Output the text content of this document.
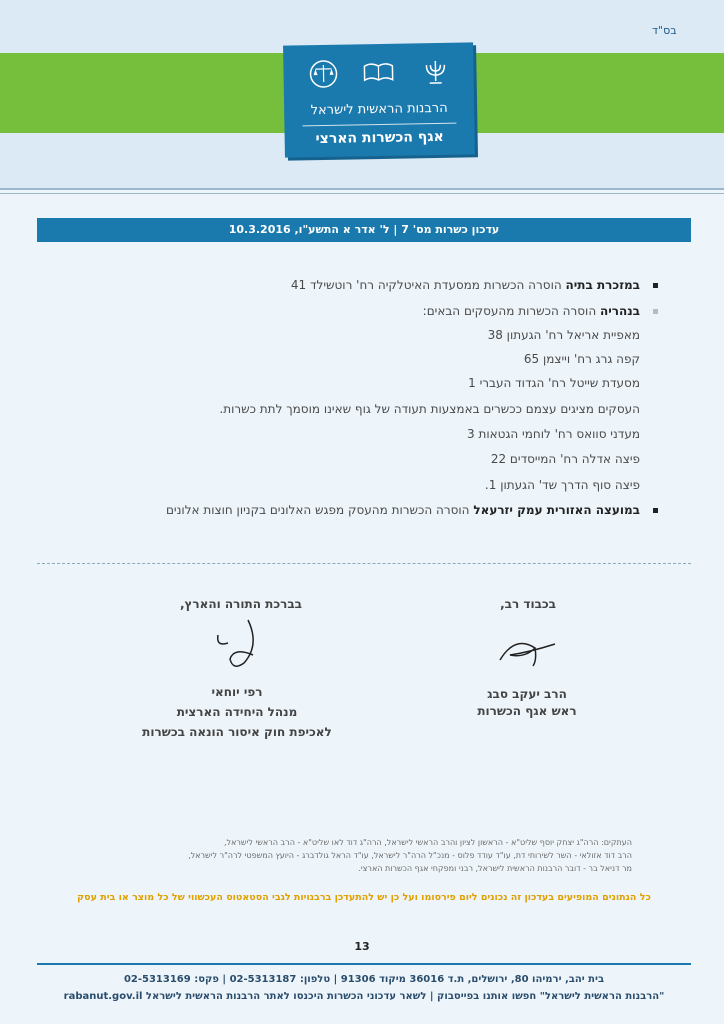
בס"ד
הרבנות הראשית לישראל
אגף הכשרות הארצי
עדכון כשרות מס' 7 | ל' אדר א התשע"ו, 10.3.2016
במזכרת בתיה הוסרה הכשרות ממסעדת האיטלקיה רח' רוטשילד 41
בנהריה הוסרה הכשרות מהעסקים הבאים:
מאפיית אריאל רח' הגעתון 38
קפה גרג רח' וייצמן 65
מסעדת שייטל רח' הגדוד העברי 1
העסקים מציגים עצמם ככשרים באמצעות תעודה של גוף שאינו מוסמך לתת כשרות.
מעדני סוואס רח' לוחמי הגטאות 3
פיצה אדלה רח' המייסדים 22
פיצה סוף הדרך שד' הגעתון 1.
במועצה האזורית עמק יזרעאל הוסרה הכשרות מהעסק מפגש האלונים בקניון חוצות אלונים
בכבוד רב,
בברכת התורה והארץ,
הרב יעקב סבג
ראש אגף הכשרות
רפי יוחאי
מנהל היחידה הארצית
לאכיפת חוק איסור הונאה בכשרות
העתקים: הרה"ג יצחק יוסף שליט"א - הראשון לציון והרב הראשי לישראל, הרה"ג דוד לאו שליט"א - הרב הראשי לישראל,
הרב דוד אזולאי - השר לשירותי דת, עו"ד עודד פלוס - מנכ"ל הרה"ר לישראל, עו"ד הראל גולדברג - היועץ המשפטי לרה"ר לישראל,
מר דניאל בר - דובר הרבנות הראשית לישראל, רבני ומפקחי אגף הכשרות הארצי.
כל הנתונים המופיעים בעדכון זה נכונים ליום פירסומו ועל כן יש להתעדכן ברבנויות לגבי הסטאטוס העכשווי של כל מוצר או בית עסק
13
בית יהב, ירמיהו 80, ירושלים, ת.ד 36016 מיקוד 91306 | טלפון: 02-5313187 | פקס: 02-5313169
"הרבנות הראשית לישראל" חפשו אותנו בפייסבוק | לשאר עדכוני הכשרות היכנסו לאתר הרבנות הראשית לישראל rabanut.gov.il
